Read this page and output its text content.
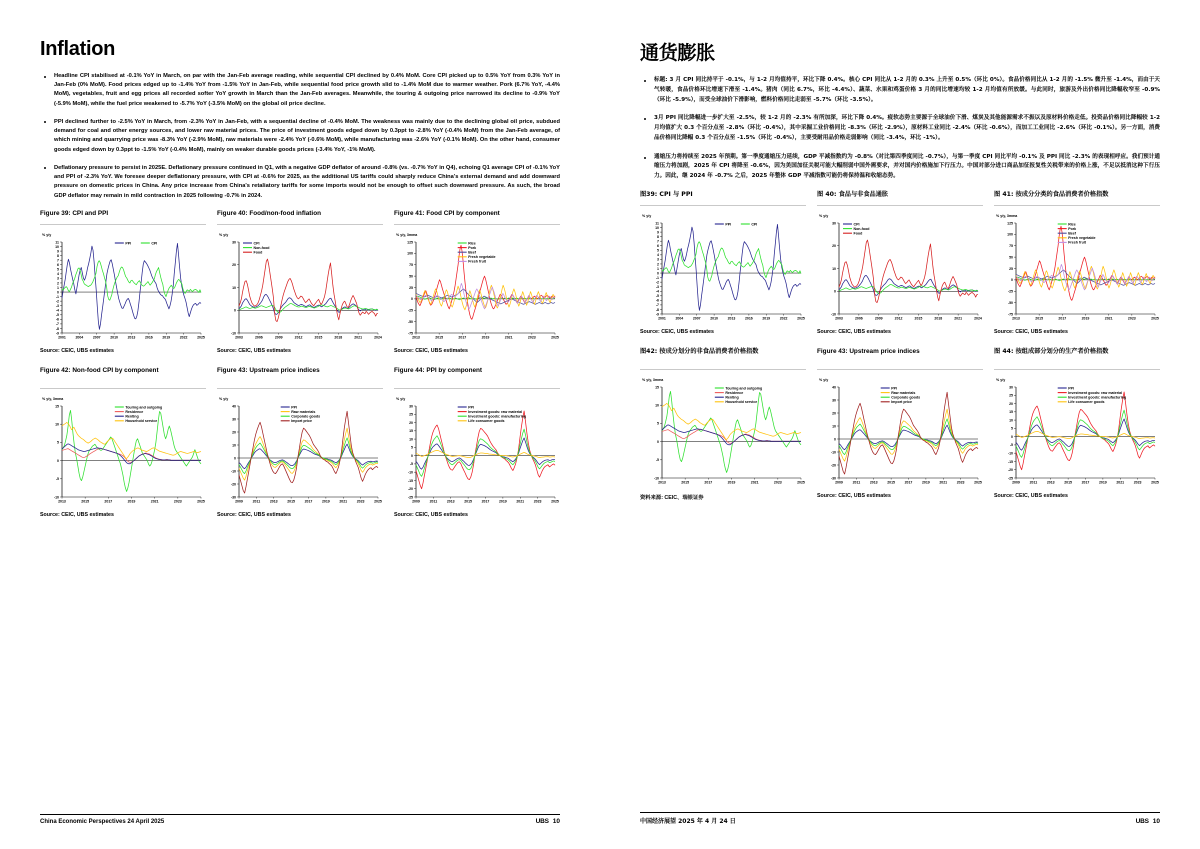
Inflation
Headline CPI stabilised at -0.1% YoY in March, on par with the Jan-Feb average reading, while sequential CPI declined by 0.4% MoM. Core CPI picked up to 0.5% YoY from 0.3% YoY in Jan-Feb (0% MoM). Food prices edged up to -1.4% YoY from -1.5% YoY in Jan-Feb, while sequential food price growth slid to -1.4% MoM due to warmer weather. Pork (6.7% YoY, -4.4% MoM), vegetables, fruit and egg prices all recorded softer YoY growth in March than the Jan-Feb averages. Meanwhile, the touring & outgoing price narrowed its decline to -0.9% YoY (-5.9% MoM), while the fuel price weakened to -5.7% YoY (-3.5% MoM) on the global oil price decline.
PPI declined further to -2.5% YoY in March, from -2.3% YoY in Jan-Feb, with a sequential decline of -0.4% MoM. The weakness was mainly due to the declining global oil price, subdued demand for coal and other energy sources, and lower raw material prices. The price of investment goods edged down by 0.3ppt to -2.8% YoY (-0.4% MoM) from the Jan-Feb average, of which mining and quarrying price was -8.3% YoY (-2.9% MoM), raw materials were -2.4% YoY (-0.6% MoM), while manufacturing was -2.6% YoY (-0.1% MoM). On the other hand, consumer goods edged down by 0.3ppt to -1.5% YoY (-0.4% MoM), mainly on weaker durable goods prices (-3.4% YoY, -1% MoM).
Deflationary pressure to persist in 2025E. Deflationary pressure continued in Q1, with a negative GDP deflator of around -0.8% (vs. -0.7% YoY in Q4), echoing Q1 average CPI of -0.1% YoY and PPI of -2.3% YoY. We foresee deeper deflationary pressure, with CPI at -0.6% for 2025, as the additional US tariffs could sharply reduce China's external demand and add downward pressure on domestic prices in China. Any price increase from China's retaliatory tariffs for some imports would not be enough to offset such downward pressure. As such, the broad GDP deflator may remain in mild contraction in 2025 following -0.7% in 2024.
Figure 39: CPI and PPI
% y/y
-9
-8
-7
-6
-5
-4
-3
-2
-1
0
1
2
3
4
5
6
7
8
9
10
11
2001	2004	2007	2010	2013	2016	2019	2022	2025
PPI	CPI
Source: CEIC, UBS estimates
Figure 40: Food/non-food inflation
% y/y
-10
0
10
20
30
2003	2006	2009	2012	2015	2018	2021	2024
CPI
Non-food
Food
Source: CEIC, UBS estimates
Figure 41: Food CPI by component
% y/y, 3mma
-75
-50
-25
0
25
50
75
100
125
2013	2015	2017	2019	2021	2023	2025
Rice
Pork
Beef
Fresh vegetable
Fresh fruit
Source: CEIC, UBS estimates
Figure 42: Non-food CPI by component
% y/y, 3mma
-10
-5
0
5
10
15
2013	2015	2017	2019	2021	2023	2025
Touring and outgoing
Residence
Renting
Household service
Source: CEIC, UBS estimates
Figure 43: Upstream price indices
% y/y
-30
-20
-10
0
10
20
30
40
2009	2011	2013	2015	2017	2019	2021	2023	2025
PPI
Raw materials
Corporate goods
Import price
Source: CEIC, UBS estimates
Figure 44: PPI by component
% y/y
-25
-20
-15
-10
-5
0
5
10
15
20
25
30
2009	2011	2013	2015	2017	2019	2021	2023	2025
PPI
Investment goods: raw material
Investment goods: manufacturing
Life consumer goods
Source: CEIC, UBS estimates
China Economic Perspectives 24 April 2025	UBS 10
通货膨胀
标题: 3 月 CPI 同比持平于 -0.1%，与 1-2 月均值持平，环比下降 0.4%。核心 CPI 同比从 1-2 月的 0.3% 上升至 0.5%（环比 0%）。食品价格同比从 1-2 月的 -1.5% 微升至 -1.4%，而由于天气转暖，食品价格环比增速下滑至 -1.4%。猪肉（同比 6.7%，环比 -4.4%）、蔬菜、水果和鸡蛋价格 3 月的同比增速均较 1-2 月均值有所放缓。与此同时，旅游及外出价格同比降幅收窄至 -0.9%（环比 -5.9%），而受全球油价下滑影响，燃料价格同比走弱至 -5.7%（环比 -3.5%）。
3月 PPI 同比降幅进一步扩大至 -2.5%，较 1-2 月的 -2.3% 有所加深，环比下降 0.4%。疲软态势主要源于全球油价下滑、煤炭及其他能源需求不振以及原材料价格走低。投资品价格同比降幅较 1-2 月均值扩大 0.3 个百分点至 -2.8%（环比 -0.4%），其中采掘工业价格同比 -8.3%（环比 -2.9%），原材料工业同比 -2.4%（环比 -0.6%），而加工工业同比 -2.6%（环比 -0.1%）。另一方面，消费品价格同比降幅 0.3 个百分点至 -1.5%（环比 -0.4%），主要受耐用品价格走弱影响（同比 -3.4%，环比 -1%）。
通缩压力将持续至 2025 年预期。第一季度通缩压力延续，GDP 平减指数约为 -0.8%（对比第四季度同比 -0.7%），与第一季度 CPI 同比平均 -0.1% 及 PPI 同比 -2.3% 的表现相呼应。我们预计通缩压力将加剧，2025 年 CPI 将降至 -0.6%，因为美国加征关税可能大幅削弱中国外需要求，并对国内价格施加下行压力。中国对部分进口商品加征报复性关税带来的价格上涨，不足以抵消这种下行压力。因此，继 2024 年 -0.7% 之后，2025 年整体 GDP 平减指数可能仍将保持温和收缩态势。
图39: CPI 与 PPI
% y/y
-9
-8
-7
-6
-5
-4
-3
-2
-1
0
1
2
3
4
5
6
7
8
9
10
11
2001	2004	2007	2010	2013	2016	2019	2022	2025
PPI	CPI
Source: CEIC, UBS estimates
图 40: 食品与非食品通胀
% y/y
-10
0
10
20
30
2003	2006	2009	2012	2015	2018	2021	2024
CPI
Non-food
Food
Source: CEIC, UBS estimates
图 41: 按成分分类的食品消费者价格指数
% y/y, 3mma
-75
-50
-25
0
25
50
75
100
125
2013	2015	2017	2019	2021	2023	2025
Rice
Pork
Beef
Fresh vegetable
Fresh fruit
Source: CEIC, UBS estimates
图42: 按成分划分的非食品消费者价格指数
% y/y, 3mma
-10
-5
0
5
10
15
2013	2015	2017	2019	2021	2023	2025
Touring and outgoing
Residence
Renting
Household service
资料来源: CEIC、瑞银证券
Figure 43: Upstream price indices
% y/y
-30
-20
-10
0
10
20
30
40
2009	2011	2013	2015	2017	2019	2021	2023	2025
PPI
Raw materials
Corporate goods
Import price
Source: CEIC, UBS estimates
图 44: 按组成部分划分的生产者价格指数
% y/y
-25
-20
-15
-10
-5
0
5
10
15
20
25
30
2009	2011	2013	2015	2017	2019	2021	2023	2025
PPI
Investment goods: raw material
Investment goods: manufacturing
Life consumer goods
Source: CEIC, UBS estimates
中国经济展望 2025 年 4 月 24 日	UBS 10
